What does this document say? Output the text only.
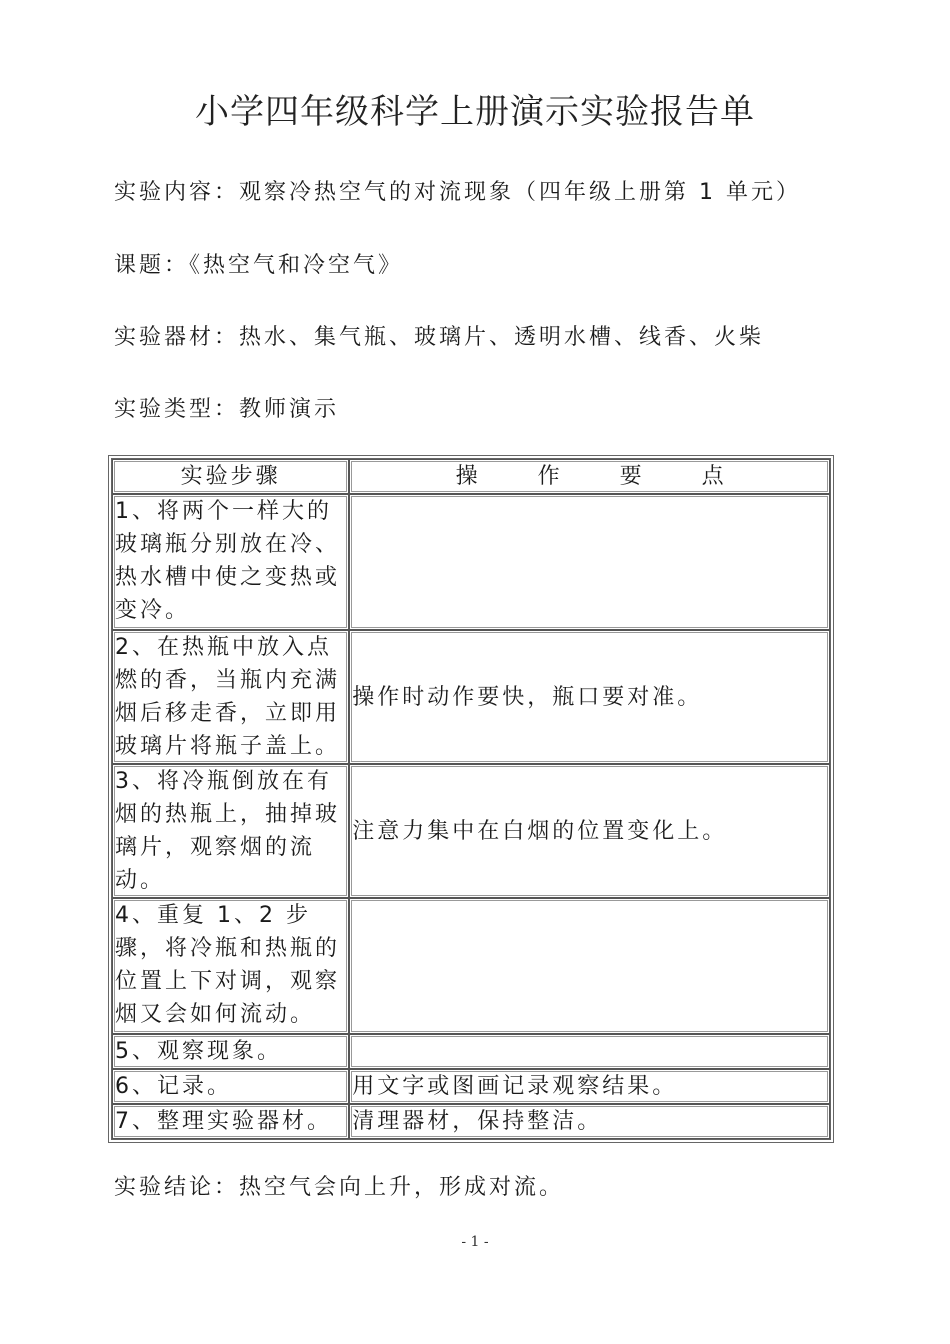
小学四年级科学上册演示实验报告单
实验内容：观察冷热空气的对流现象（四年级上册第 1 单元）
课题：《热空气和冷空气》
实验器材：热水、集气瓶、玻璃片、透明水槽、线香、火柴
实验类型：教师演示
实验步骤	操作要点
1、将两个一样大的玻璃瓶分别放在冷、热水槽中使之变热或变冷。	
2、在热瓶中放入点燃的香，当瓶内充满烟后移走香，立即用玻璃片将瓶子盖上。	操作时动作要快，瓶口要对准。
3、将冷瓶倒放在有烟的热瓶上，抽掉玻璃片，观察烟的流动。	注意力集中在白烟的位置变化上。
4、重复 1、2 步骤，将冷瓶和热瓶的位置上下对调，观察烟又会如何流动。	
5、观察现象。	
6、记录。	用文字或图画记录观察结果。
7、整理实验器材。	清理器材，保持整洁。
实验结论：热空气会向上升，形成对流。
- 1 -
